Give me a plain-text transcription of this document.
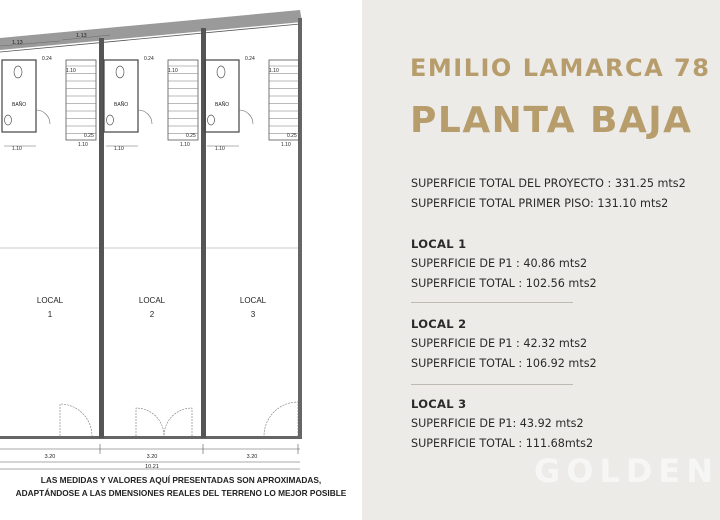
1.13
1.13
BAÑO
0.24
1.10
0.25
1.10
1.10
BAÑO
0.24
1.10
0.25
1.10
1.10
BAÑO
0.24
1.10
0.25
1.10
1.10
LOCAL
1
LOCAL
2
LOCAL
3
3.20	3.20	3.20
10.21
LAS MEDIDAS Y VALORES AQUÍ PRESENTADAS SON APROXIMADAS,
ADAPTÁNDOSE A LAS DMENSIONES REALES DEL TERRENO LO MEJOR POSIBLE
EMILIO LAMARCA 78
PLANTA BAJA
SUPERFICIE TOTAL DEL PROYECTO : 331.25 mts2
SUPERFICIE TOTAL PRIMER PISO: 131.10 mts2
LOCAL 1
SUPERFICIE DE P1 : 40.86 mts2
SUPERFICIE TOTAL : 102.56 mts2
LOCAL 2
SUPERFICIE DE P1 : 42.32 mts2
SUPERFICIE TOTAL : 106.92 mts2
LOCAL 3
SUPERFICIE DE P1: 43.92 mts2
SUPERFICIE TOTAL : 111.68mts2
GOLDEN
